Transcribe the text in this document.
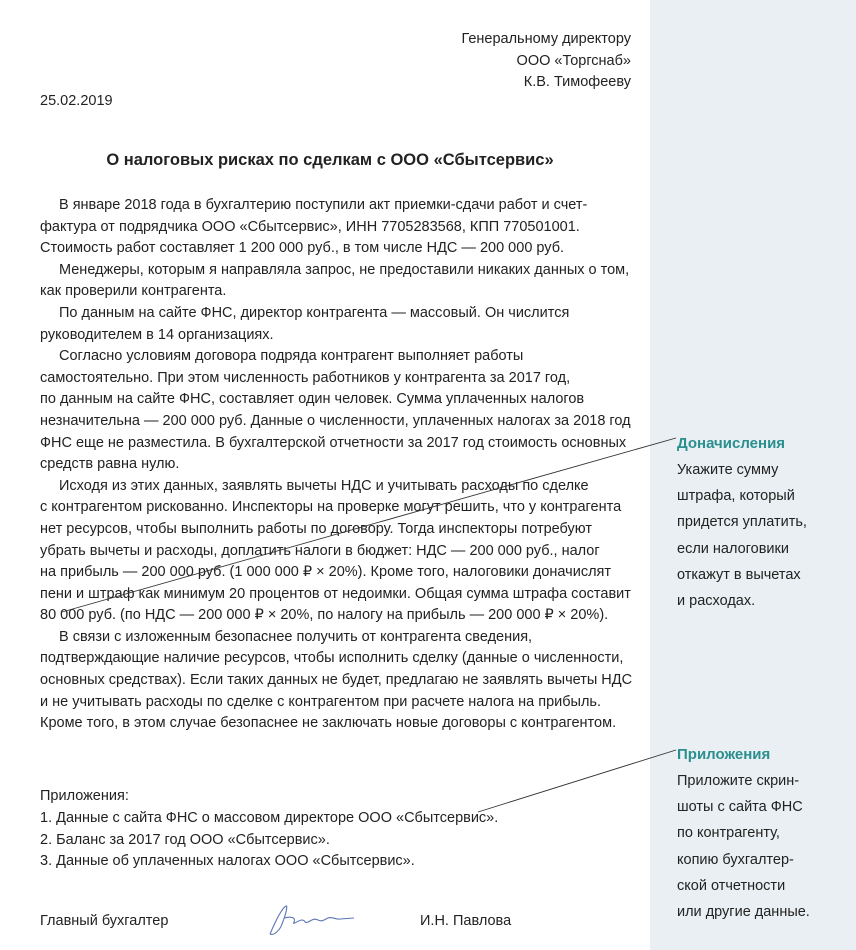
Генеральному директору
ООО «Торгснаб»
К.В. Тимофееву
25.02.2019
О налоговых рисках по сделкам с ООО «Сбытсервис»

В январе 2018 года в бухгалтерию поступили акт приемки-сдачи работ и счет-
фактура от подрядчика ООО «Сбытсервис», ИНН 7705283568, КПП 770501001.
Стоимость работ составляет 1 200 000 руб., в том числе НДС — 200 000 руб.

Менеджеры, которым я направляла запрос, не предоставили никаких данных о том,
как проверили контрагента.

По данным на сайте ФНС, директор контрагента — массовый. Он числится
руководителем в 14 организациях.

Согласно условиям договора подряда контрагент выполняет работы
самостоятельно. При этом численность работников у контрагента за 2017 год,
по данным на сайте ФНС, составляет один человек. Сумма уплаченных налогов
незначительна — 200 000 руб. Данные о численности, уплаченных налогах за 2018 год
ФНС еще не разместила. В бухгалтерской отчетности за 2017 год стоимость основных
средств равна нулю.

Исходя из этих данных, заявлять вычеты НДС и учитывать расходы по сделке
с контрагентом рискованно. Инспекторы на проверке могут решить, что у контрагента
нет ресурсов, чтобы выполнить работы по договору. Тогда инспекторы потребуют
убрать вычеты и расходы, доплатить налоги в бюджет: НДС — 200 000 руб., налог
на прибыль — 200 000 руб. (1 000 000 ₽ × 20%). Кроме того, налоговики доначислят
пени и штраф как минимум 20 процентов от недоимки. Общая сумма штрафа составит
80 000 руб. (по НДС — 200 000 ₽ × 20%, по налогу на прибыль — 200 000 ₽ × 20%).

В связи с изложенным безопаснее получить от контрагента сведения,
подтверждающие наличие ресурсов, чтобы исполнить сделку (данные о численности,
основных средствах). Если таких данных не будет, предлагаю не заявлять вычеты НДС
и не учитывать расходы по сделке с контрагентом при расчете налога на прибыль.
Кроме того, в этом случае безопаснее не заключать новые договоры с контрагентом.

Приложения:
1. Данные с сайта ФНС о массовом директоре ООО «Сбытсервис».
2. Баланс за 2017 год ООО «Сбытсервис».
3. Данные об уплаченных налогах ООО «Сбытсервис».
Главный бухгалтер	И.Н. Павлова
Доначисления
Укажите сумму
штрафа, который
придется уплатить,
если налоговики
откажут в вычетах
и расходах.
Приложения
Приложите скрин-
шоты с сайта ФНС
по контрагенту,
копию бухгалтер-
ской отчетности
или другие данные.
